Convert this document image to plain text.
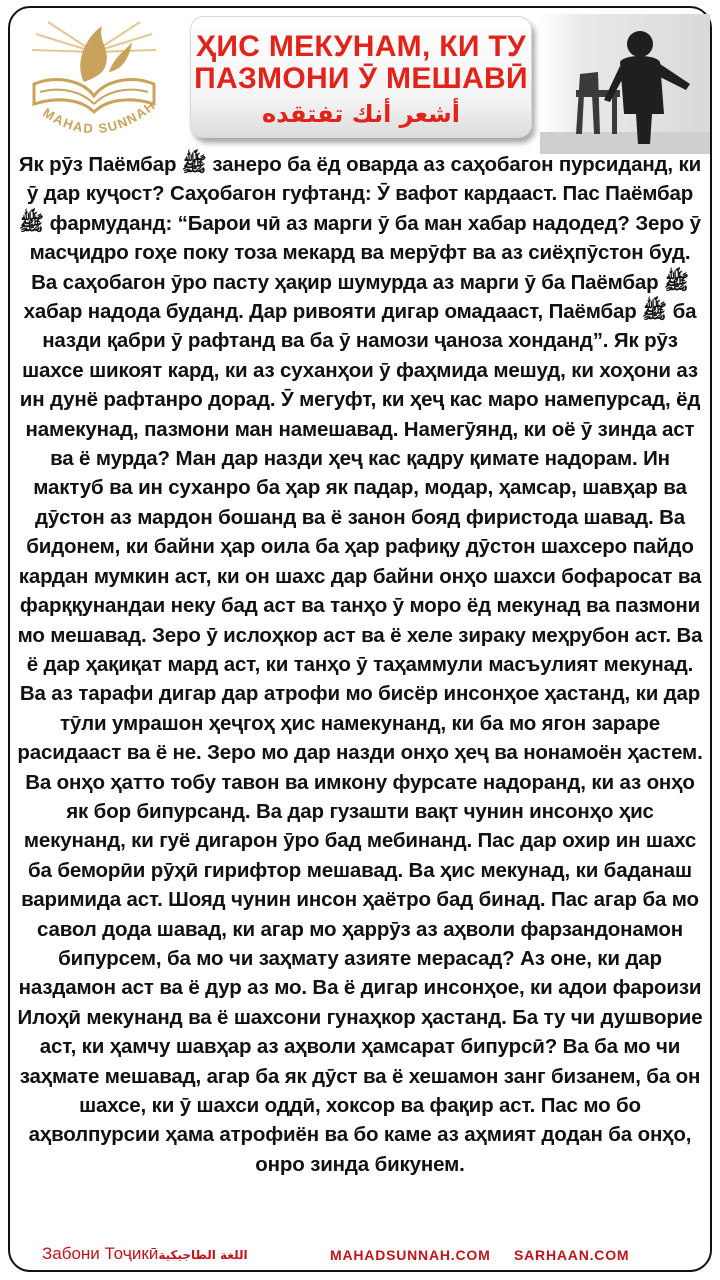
MAHAD SUNNAH
ҲИС МЕКУНАМ, КИ ТУ
ПАЗМОНИ Ӯ МЕШАВӢ
أشعر أنك تفتقده
Як рӯз Паёмбар ﷺ занеро ба ёд оварда аз саҳобагон пурсиданд, ки ӯ дар куҷост? Саҳобагон гуфтанд: Ӯ вафот кардааст. Пас Паёмбар ﷺ фармуданд: “Барои чӣ аз марги ӯ ба ман хабар надодед? Зеро ӯ масҷидро гоҳе поку тоза мекард ва мерӯфт ва аз сиёҳпӯстон буд. Ва саҳобагон ӯро пасту ҳақир шумурда аз марги ӯ ба Паёмбар ﷺ хабар надода буданд. Дар ривояти дигар омадааст, Паёмбар ﷺ ба назди қабри ӯ рафтанд ва ба ӯ намози ҷаноза хонданд”. Як рӯз шахсе шикоят кард, ки аз суханҳои ӯ фаҳмида мешуд, ки хоҳони аз ин дунё рафтанро дорад. Ӯ мегуфт, ки ҳеҷ кас маро намепурсад, ёд намекунад, пазмони ман намешавад. Намегӯянд, ки оё ӯ зинда аст ва ё мурда? Ман дар назди ҳеҷ кас қадру қимате надорам. Ин мактуб ва ин суханро ба ҳар як падар, модар, ҳамсар, шавҳар ва дӯстон аз мардон бошанд ва ё занон бояд фиристода шавад. Ва бидонем, ки байни ҳар оила ба ҳар рафиқу дӯстон шахсеро пайдо кардан мумкин аст, ки он шахс дар байни онҳо шахси бофаросат ва фарққунандаи неку бад аст ва танҳо ӯ моро ёд мекунад ва пазмони мо мешавад. Зеро ӯ ислоҳкор аст ва ё хеле зираку меҳрубон аст. Ва ё дар ҳақиқат мард аст, ки танҳо ӯ таҳаммули масъулият мекунад. Ва аз тарафи дигар дар атрофи мо бисёр инсонҳое ҳастанд, ки дар тӯли умрашон ҳеҷгоҳ ҳис намекунанд, ки ба мо ягон зараре расидааст ва ё не. Зеро мо дар назди онҳо ҳеҷ ва нонамоён ҳастем. Ва онҳо ҳатто тобу тавон ва имкону фурсате надоранд, ки аз онҳо як бор бипурсанд. Ва дар гузашти вақт чунин инсонҳо ҳис мекунанд, ки гуё дигарон ӯро бад мебинанд. Пас дар охир ин шахс ба беморӣи рӯҳӣ гирифтор мешавад. Ва ҳис мекунад, ки баданаш варимида аст. Шояд чунин инсон ҳаётро бад бинад. Пас агар ба мо савол дода шавад, ки агар мо ҳаррӯз аз аҳволи фарзандонамон бипурсем, ба мо чи заҳмату азияте мерасад? Аз оне, ки дар наздамон аст ва ё дур аз мо. Ва ё дигар инсонҳое, ки адои фароизи Илоҳӣ мекунанд ва ё шахсони гунаҳкор ҳастанд. Ба ту чи душворие аст, ки ҳамчу шавҳар аз аҳволи ҳамсарат бипурсӣ? Ва ба мо чи заҳмате мешавад, агар ба як дӯст ва ё хешамон занг бизанем, ба он шахсе, ки ӯ шахси оддӣ, хоксор ва фақир аст. Пас мо бо аҳволпурсии ҳама атрофиён ва бо каме аз аҳмият додан ба онҳо, онро зинда бикунем.
Забони Тоҷикӣاللغة الطاجيكية	MAHADSUNNAH.COM SARHAAN.COM
